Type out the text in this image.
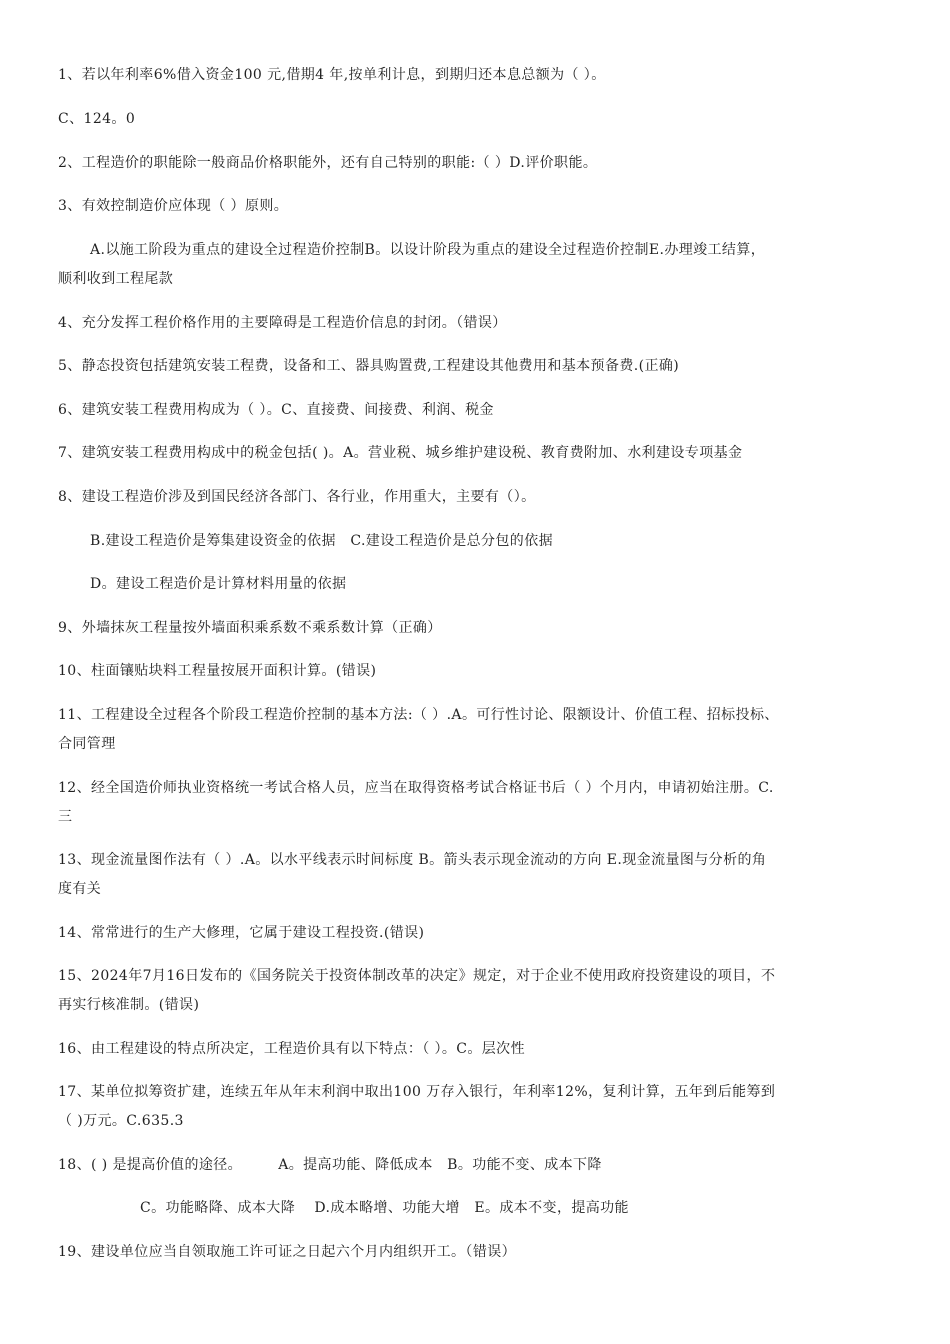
1、若以年利率6%借入资金100 元,借期4 年,按单利计息，到期归还本息总额为（ ）。
C、124。0
2、工程造价的职能除一般商品价格职能外，还有自己特别的职能:（ ）D.评价职能。
3、有效控制造价应体现（ ）原则。
A.以施工阶段为重点的建设全过程造价控制B。以设计阶段为重点的建设全过程造价控制E.办理竣工结算，
顺利收到工程尾款
4、充分发挥工程价格作用的主要障碍是工程造价信息的封闭。（错误）
5、静态投资包括建筑安装工程费，设备和工、器具购置费,工程建设其他费用和基本预备费.(正确)
6、建筑安装工程费用构成为（ ）。C、直接费、间接费、利润、税金
7、建筑安装工程费用构成中的税金包括( )。A。营业税、城乡维护建设税、教育费附加、水利建设专项基金
8、建设工程造价涉及到国民经济各部门、各行业，作用重大，主要有（）。
B.建设工程造价是筹集建设资金的依据　C.建设工程造价是总分包的依据
D。建设工程造价是计算材料用量的依据
9、外墙抹灰工程量按外墙面积乘系数不乘系数计算（正确）
10、柱面镶贴块料工程量按展开面积计算。(错误)
11、工程建设全过程各个阶段工程造价控制的基本方法:（ ）.A。可行性讨论、限额设计、价值工程、招标投标、
合同管理
12、经全国造价师执业资格统一考试合格人员，应当在取得资格考试合格证书后（ ）个月内，申请初始注册。C.
三
13、现金流量图作法有（ ）.A。以水平线表示时间标度 B。箭头表示现金流动的方向 E.现金流量图与分析的角
度有关
14、常常进行的生产大修理，它属于建设工程投资.(错误)
15、2024年7月16日发布的《国务院关于投资体制改革的决定》规定，对于企业不使用政府投资建设的项目，不
再实行核准制。(错误)
16、由工程建设的特点所决定，工程造价具有以下特点：（ ）。C。层次性
17、某单位拟筹资扩建，连续五年从年末利润中取出100 万存入银行，年利率12%，复利计算，五年到后能筹到
（ )万元。C.635.3
18、( ) 是提高价值的途径。　　　A。提高功能、降低成本　B。功能不变、成本下降
C。功能略降、成本大降　 D.成本略增、功能大增　E。成本不变，提高功能
19、建设单位应当自领取施工许可证之日起六个月内组织开工。（错误）
